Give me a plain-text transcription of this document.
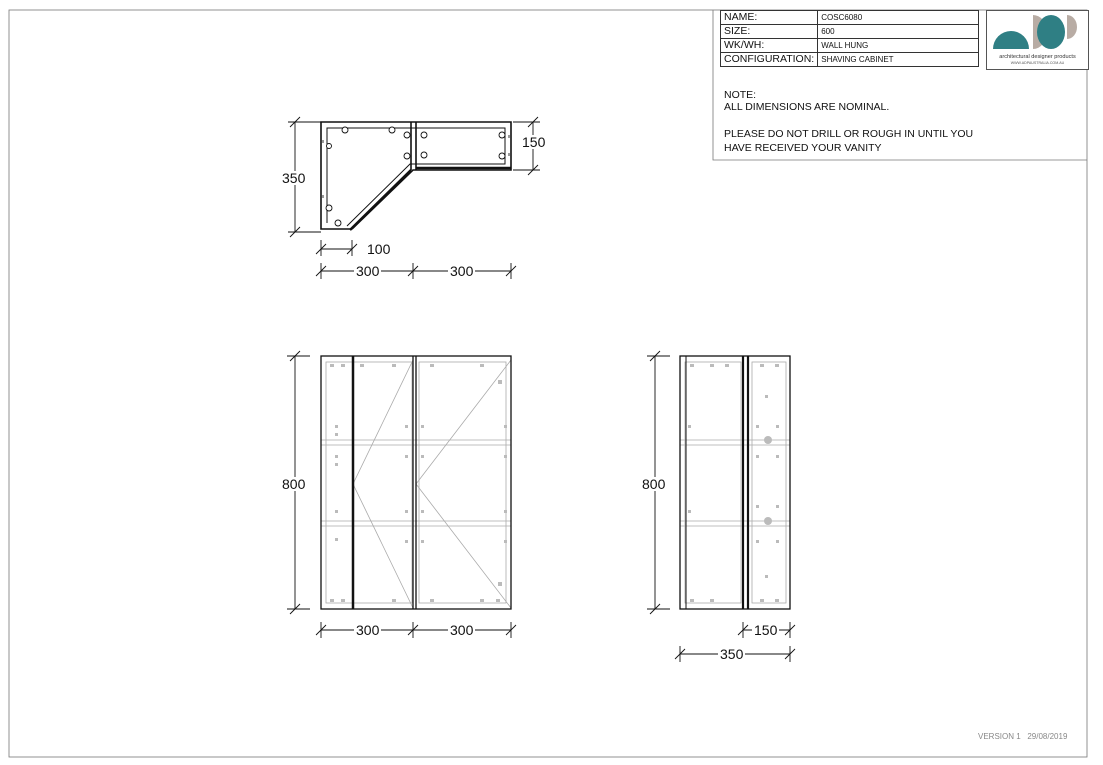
350
150
100
300	300
800
300	300
800
150
350
NAME:	COSC6080
SIZE:	600
WK/WH:	WALL HUNG
CONFIGURATION:	SHAVING CABINET	architectural designer products
WWW.ADPAUSTRALIA.COM.AU
NOTE:
ALL DIMENSIONS ARE NOMINAL.
PLEASE DO NOT DRILL OR ROUGH IN UNTIL YOU
HAVE RECEIVED YOUR VANITY
VERSION 1 29/08/2019
